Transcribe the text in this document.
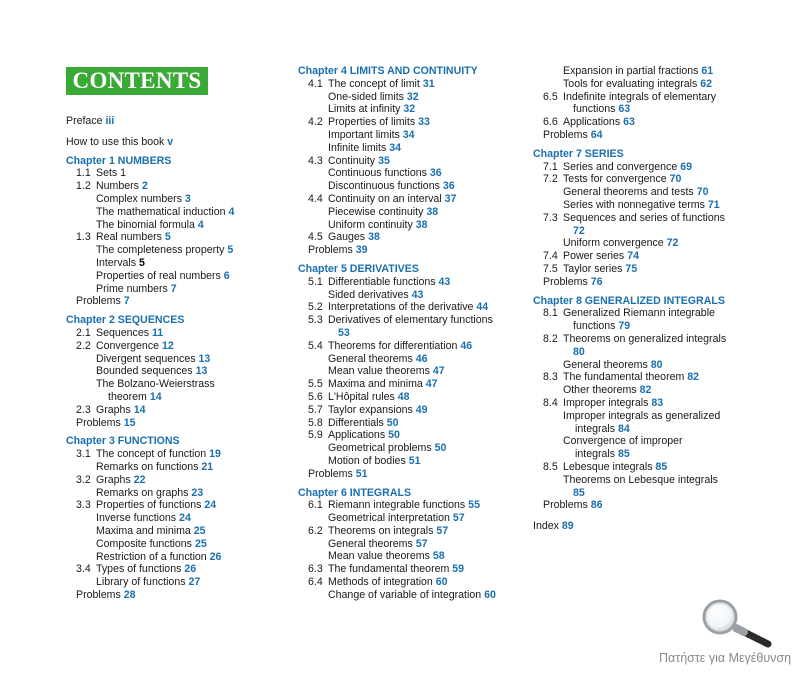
CONTENTS
Preface iii
How to use this book v
Chapter 1 NUMBERS
1.1 Sets 1
1.2 Numbers 2
Complex numbers 3
The mathematical induction 4
The binomial formula 4
1.3 Real numbers 5
The completeness property 5
Intervals 5
Properties of real numbers 6
Prime numbers 7
Problems 7
Chapter 2 SEQUENCES
2.1 Sequences 11
2.2 Convergence 12
Divergent sequences 13
Bounded sequences 13
The Bolzano-Weierstrass
theorem 14
2.3 Graphs 14
Problems 15
Chapter 3 FUNCTIONS
3.1 The concept of function 19
Remarks on functions 21
3.2 Graphs 22
Remarks on graphs 23
3.3 Properties of functions 24
Inverse functions 24
Maxima and minima 25
Composite functions 25
Restriction of a function 26
3.4 Types of functions 26
Library of functions 27
Problems 28
Chapter 4 LIMITS AND CONTINUITY
4.1 The concept of limit 31
One-sided limits 32
Limits at infinity 32
4.2 Properties of limits 33
Important limits 34
Infinite limits 34
4.3 Continuity 35
Continuous functions 36
Discontinuous functions 36
4.4 Continuity on an interval 37
Piecewise continuity 38
Uniform continuity 38
4.5 Gauges 38
Problems 39
Chapter 5 DERIVATIVES
5.1 Differentiable functions 43
Sided derivatives 43
5.2 Interpretations of the derivative 44
5.3 Derivatives of elementary functions
53
5.4 Theorems for differentiation 46
General theorems 46
Mean value theorems 47
5.5 Maxima and minima 47
5.6 L'Hôpital rules 48
5.7 Taylor expansions 49
5.8 Differentials 50
5.9 Applications 50
Geometrical problems 50
Motion of bodies 51
Problems 51
Chapter 6 INTEGRALS
6.1 Riemann integrable functions 55
Geometrical interpretation 57
6.2 Theorems on integrals 57
General theorems 57
Mean value theorems 58
6.3 The fundamental theorem 59
6.4 Methods of integration 60
Change of variable of integration 60
Expansion in partial fractions 61
Tools for evaluating integrals 62
6.5 Indefinite integrals of elementary
functions 63
6.6 Applications 63
Problems 64
Chapter 7 SERIES
7.1 Series and convergence 69
7.2 Tests for convergence 70
General theorems and tests 70
Series with nonnegative terms 71
7.3 Sequences and series of functions
72
Uniform convergence 72
7.4 Power series 74
7.5 Taylor series 75
Problems 76
Chapter 8 GENERALIZED INTEGRALS
8.1 Generalized Riemann integrable
functions 79
8.2 Theorems on generalized integrals
80
General theorems 80
8.3 The fundamental theorem 82
Other theorems 82
8.4 Improper integrals 83
Improper integrals as generalized
integrals 84
Convergence of improper
integrals 85
8.5 Lebesque integrals 85
Theorems on Lebesque integrals
85
Problems 86
Index 89
Πατήστε για Μεγέθυνση
